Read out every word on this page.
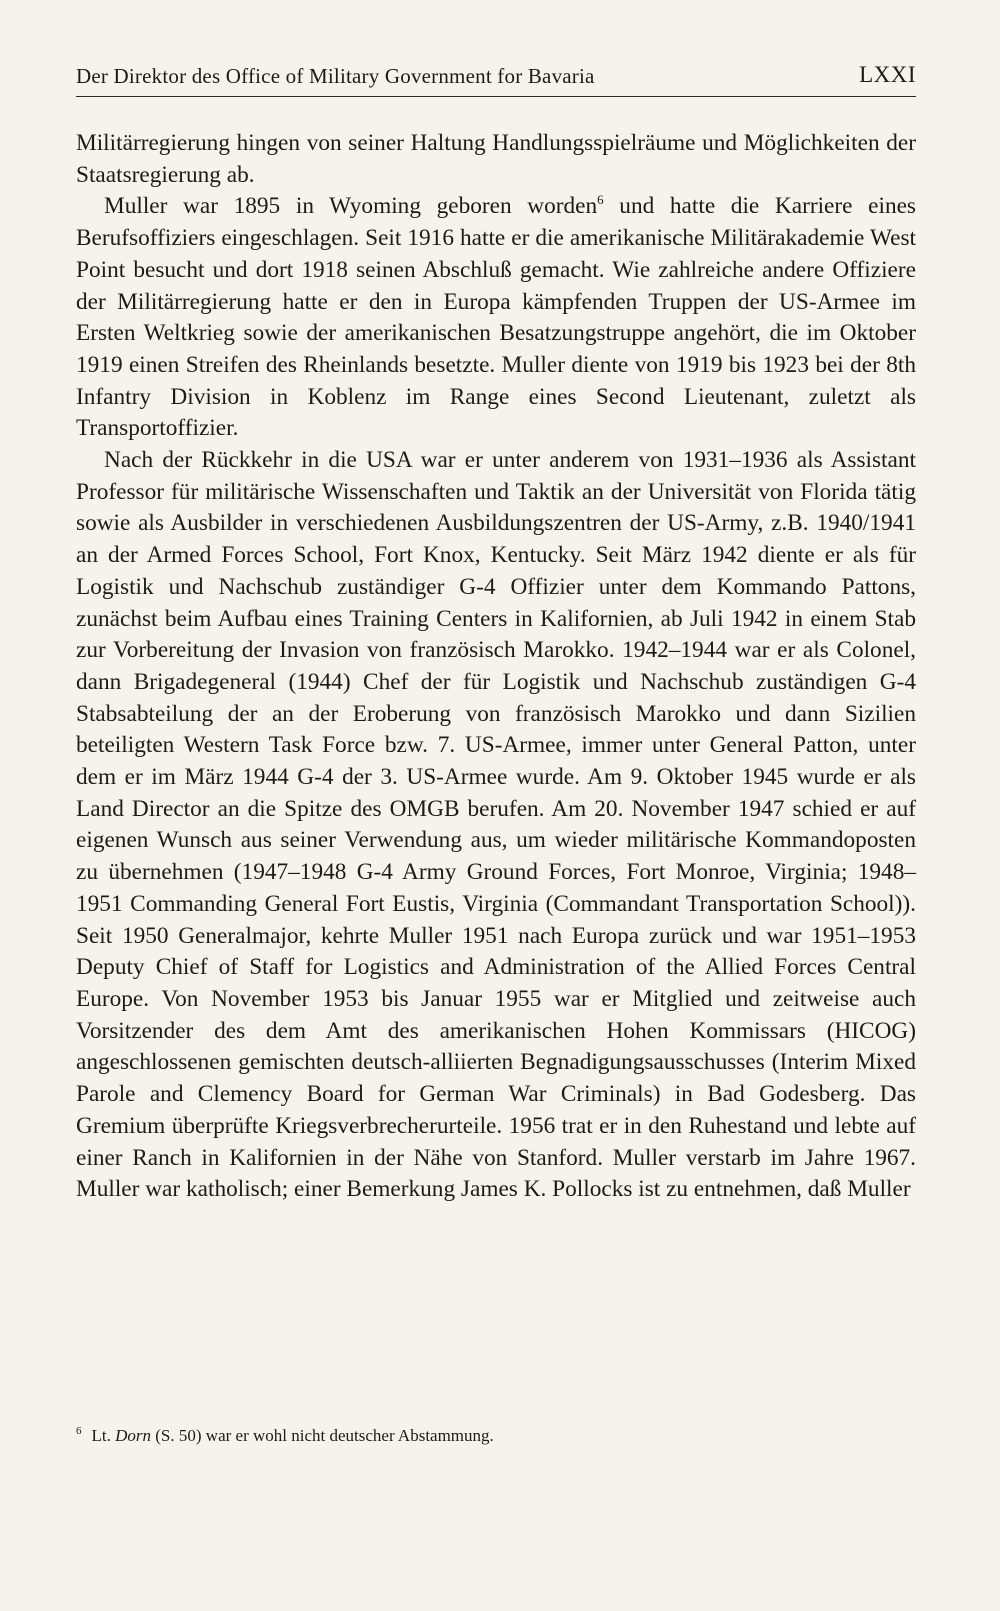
Der Direktor des Office of Military Government for Bavaria	LXXI

Militärregierung hingen von seiner Haltung Handlungsspielräume und Möglichkeiten der Staatsregierung ab.

Muller war 1895 in Wyoming geboren worden$^6$ und hatte die Karriere eines Berufsoffiziers eingeschlagen. Seit 1916 hatte er die amerikanische Militärakademie West Point besucht und dort 1918 seinen Abschluß gemacht. Wie zahlreiche andere Offiziere der Militärregierung hatte er den in Europa kämpfenden Truppen der US-Armee im Ersten Weltkrieg sowie der amerikanischen Besatzungstruppe angehört, die im Oktober 1919 einen Streifen des Rheinlands besetzte. Muller diente von 1919 bis 1923 bei der 8th Infantry Division in Koblenz im Range eines Second Lieutenant, zuletzt als Transportoffizier.

Nach der Rückkehr in die USA war er unter anderem von 1931–1936 als Assistant Professor für militärische Wissenschaften und Taktik an der Universität von Florida tätig sowie als Ausbilder in verschiedenen Ausbildungszentren der US-Army, z.B. 1940/1941 an der Armed Forces School, Fort Knox, Kentucky. Seit März 1942 diente er als für Logistik und Nachschub zuständiger G-4 Offizier unter dem Kommando Pattons, zunächst beim Aufbau eines Training Centers in Kalifornien, ab Juli 1942 in einem Stab zur Vorbereitung der Invasion von französisch Marokko. 1942–1944 war er als Colonel, dann Brigadegeneral (1944) Chef der für Logistik und Nachschub zuständigen G-4 Stabsabteilung der an der Eroberung von französisch Marokko und dann Sizilien beteiligten Western Task Force bzw. 7. US-Armee, immer unter General Patton, unter dem er im März 1944 G-4 der 3. US-Armee wurde. Am 9. Oktober 1945 wurde er als Land Director an die Spitze des OMGB berufen. Am 20. November 1947 schied er auf eigenen Wunsch aus seiner Verwendung aus, um wieder militärische Kommandoposten zu übernehmen (1947–1948 G-4 Army Ground Forces, Fort Monroe, Virginia; 1948–1951 Commanding General Fort Eustis, Virginia (Commandant Transportation School)). Seit 1950 Generalmajor, kehrte Muller 1951 nach Europa zurück und war 1951–1953 Deputy Chief of Staff for Logistics and Administration of the Allied Forces Central Europe. Von November 1953 bis Januar 1955 war er Mitglied und zeitweise auch Vorsitzender des dem Amt des amerikanischen Hohen Kommissars (HICOG) angeschlossenen gemischten deutsch-alliierten Begnadigungsausschusses (Interim Mixed Parole and Clemency Board for German War Criminals) in Bad Godesberg. Das Gremium überprüfte Kriegsverbrecherurteile. 1956 trat er in den Ruhestand und lebte auf einer Ranch in Kalifornien in der Nähe von Stanford. Muller verstarb im Jahre 1967. Muller war katholisch; einer Bemerkung James K. Pollocks ist zu entnehmen, daß Muller

$^6$ Lt. Dorn (S. 50) war er wohl nicht deutscher Abstammung.
